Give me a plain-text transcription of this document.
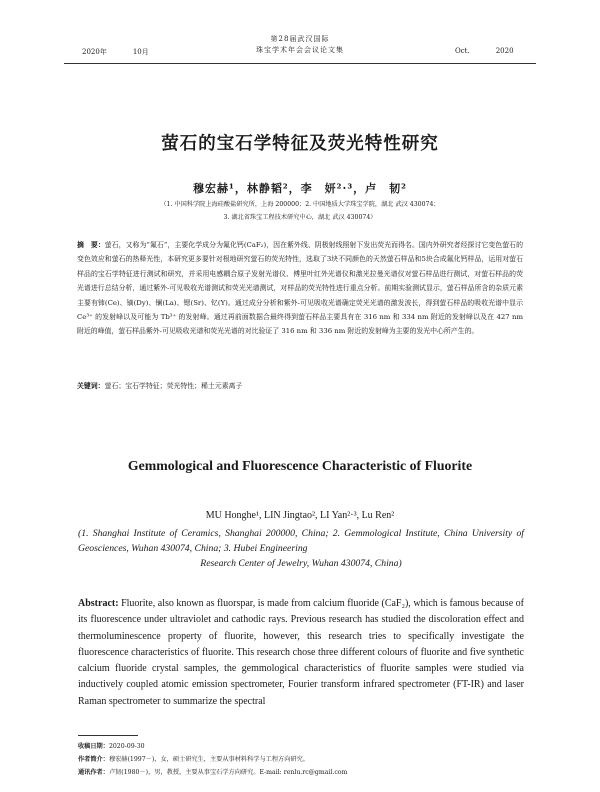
第28届武汉国际
珠宝学术年会会议论文集
2020年	10月	Oct.	2020
萤石的宝石学特征及荧光特性研究
穆宏赫¹，林静韬²，李　妍²·³，卢　韧²
（1. 中国科学院上海硅酸盐研究所，上海 200000；2. 中国地质大学珠宝学院，湖北 武汉 430074；
3. 湖北省珠宝工程技术研究中心，湖北 武汉 430074）
摘　要：萤石，又称为“氟石”，主要化学成分为氟化钙(CaF₂)，因在紫外线、阴极射线照射下发出荧光而得名。国内外研究者经探讨它变色萤石的变色效应和萤石的热释光性，本研究更多要针对根地研究萤石的荧光特性，选取了3块不同颜色的天然萤石样品和5块合成氟化钙样品，运用对萤石样品的宝石学特征进行测试和研究，并采用电感耦合原子发射光谱仪、傅里叶红外光谱仪和激光拉曼光谱仪对萤石样品进行测试，对萤石样品的荧光谱进行总结分析，通过紫外-可见吸收光谱测试和荧光光谱测试，对样品的荧光特性进行重点分析。前期实验测试显示，萤石样品所含的杂质元素主要有铈(Ce)、镝(Dy)、镧(La)、锶(Sr)、钇(Y)。通过成分分析和紫外-可见吸收光谱确定荧光光谱的激发波长，得到萤石样品的吸收光谱中显示 Ce³⁺ 的发射峰以及可能为 Tb³⁺ 的发射峰。通过再前面数据合最终得到萤石样品主要具有在 316 nm 和 334 nm 附近的发射峰以及在 427 nm 附近的峰值，萤石样品紫外-可见吸收光谱和荧光光谱的对比验证了 316 nm 和 336 nm 附近的发射峰为主要的发光中心所产生的。
关键词：萤石；宝石学特征；荧光特性；稀土元素离子
Gemmological and Fluorescence Characteristic of Fluorite
MU Honghe¹, LIN Jingtao², LI Yan²·³, Lu Ren²
(1. Shanghai Institute of Ceramics, Shanghai 200000, China; 2. Gemmological Institute, China University of Geosciences, Wuhan 430074, China; 3. Hubei Engineering
Research Center of Jewelry, Wuhan 430074, China)
Abstract: Fluorite, also known as fluorspar, is made from calcium fluoride (CaF₂), which is famous because of its fluorescence under ultraviolet and cathodic rays. Previous research has studied the discoloration effect and thermoluminescence property of fluorite, however, this research tries to specifically investigate the fluorescence characteristics of fluorite. This research chose three different colours of fluorite and five synthetic calcium fluoride crystal samples, the gemmological characteristics of fluorite samples were studied via inductively coupled atomic emission spectrometer, Fourier transform infrared spectrometer (FT-IR) and laser Raman spectrometer to summarize the spectral
收稿日期：2020-09-30
作者简介：穆宏赫(1997－)，女，硕士研究生，主要从事材料科学与工程方向研究。
通讯作者：卢韧(1980－)，男，教授，主要从事宝石学方向研究。E-mail: renlu.rc@gmail.com
